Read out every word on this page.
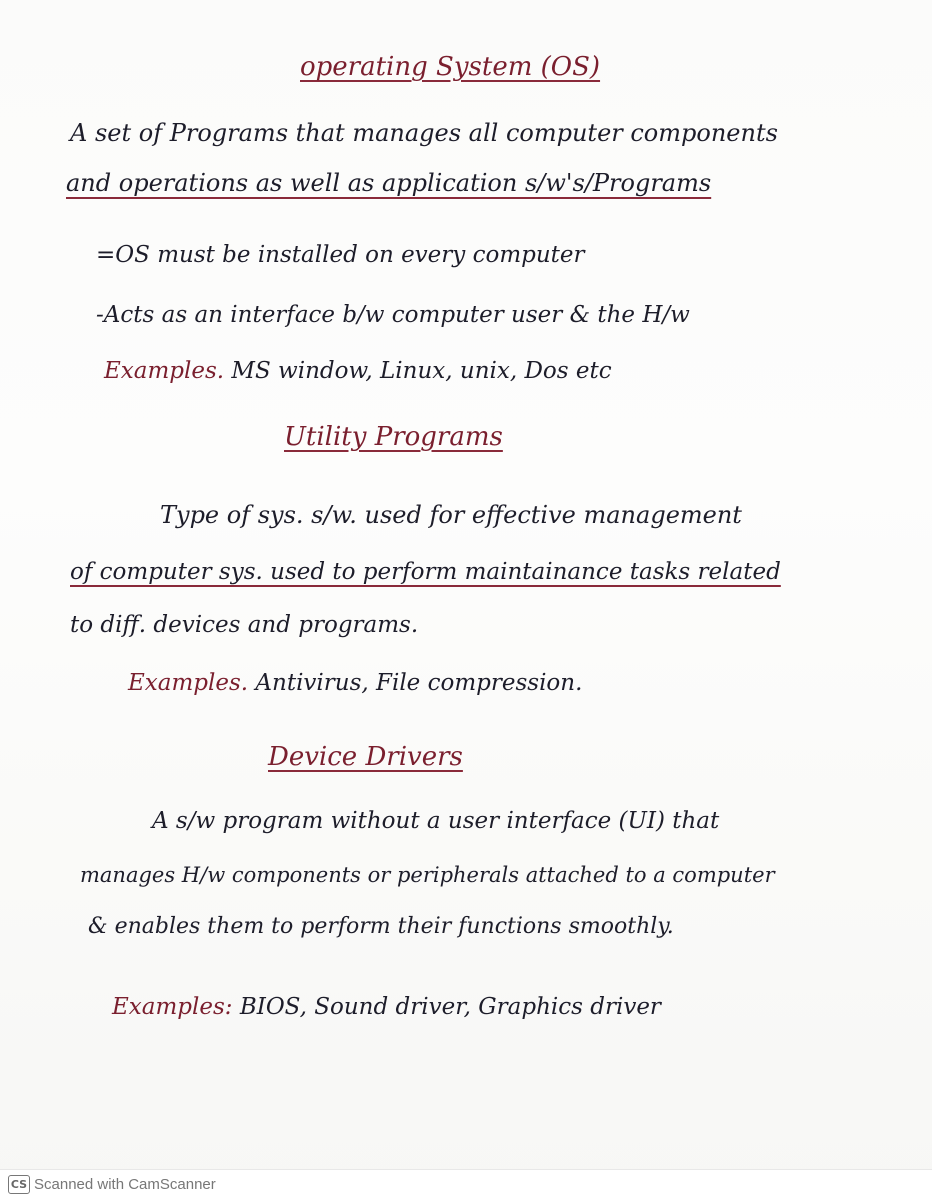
operating System (OS)
A set of Programs that manages all computer components
and operations as well as application s/w's/Programs
=OS must be installed on every computer
-Acts as an interface b/w computer user & the H/w
Examples. MS window, Linux, unix, Dos etc
Utility Programs
Type of sys. s/w. used for effective management
of computer sys. used to perform maintainance tasks related
to diff. devices and programs.
Examples. Antivirus, File compression.
Device Drivers
A s/w program without a user interface (UI) that
manages H/w components or peripherals attached to a computer
& enables them to perform their functions smoothly.
Examples: BIOS, Sound driver, Graphics driver
CS Scanned with CamScanner
